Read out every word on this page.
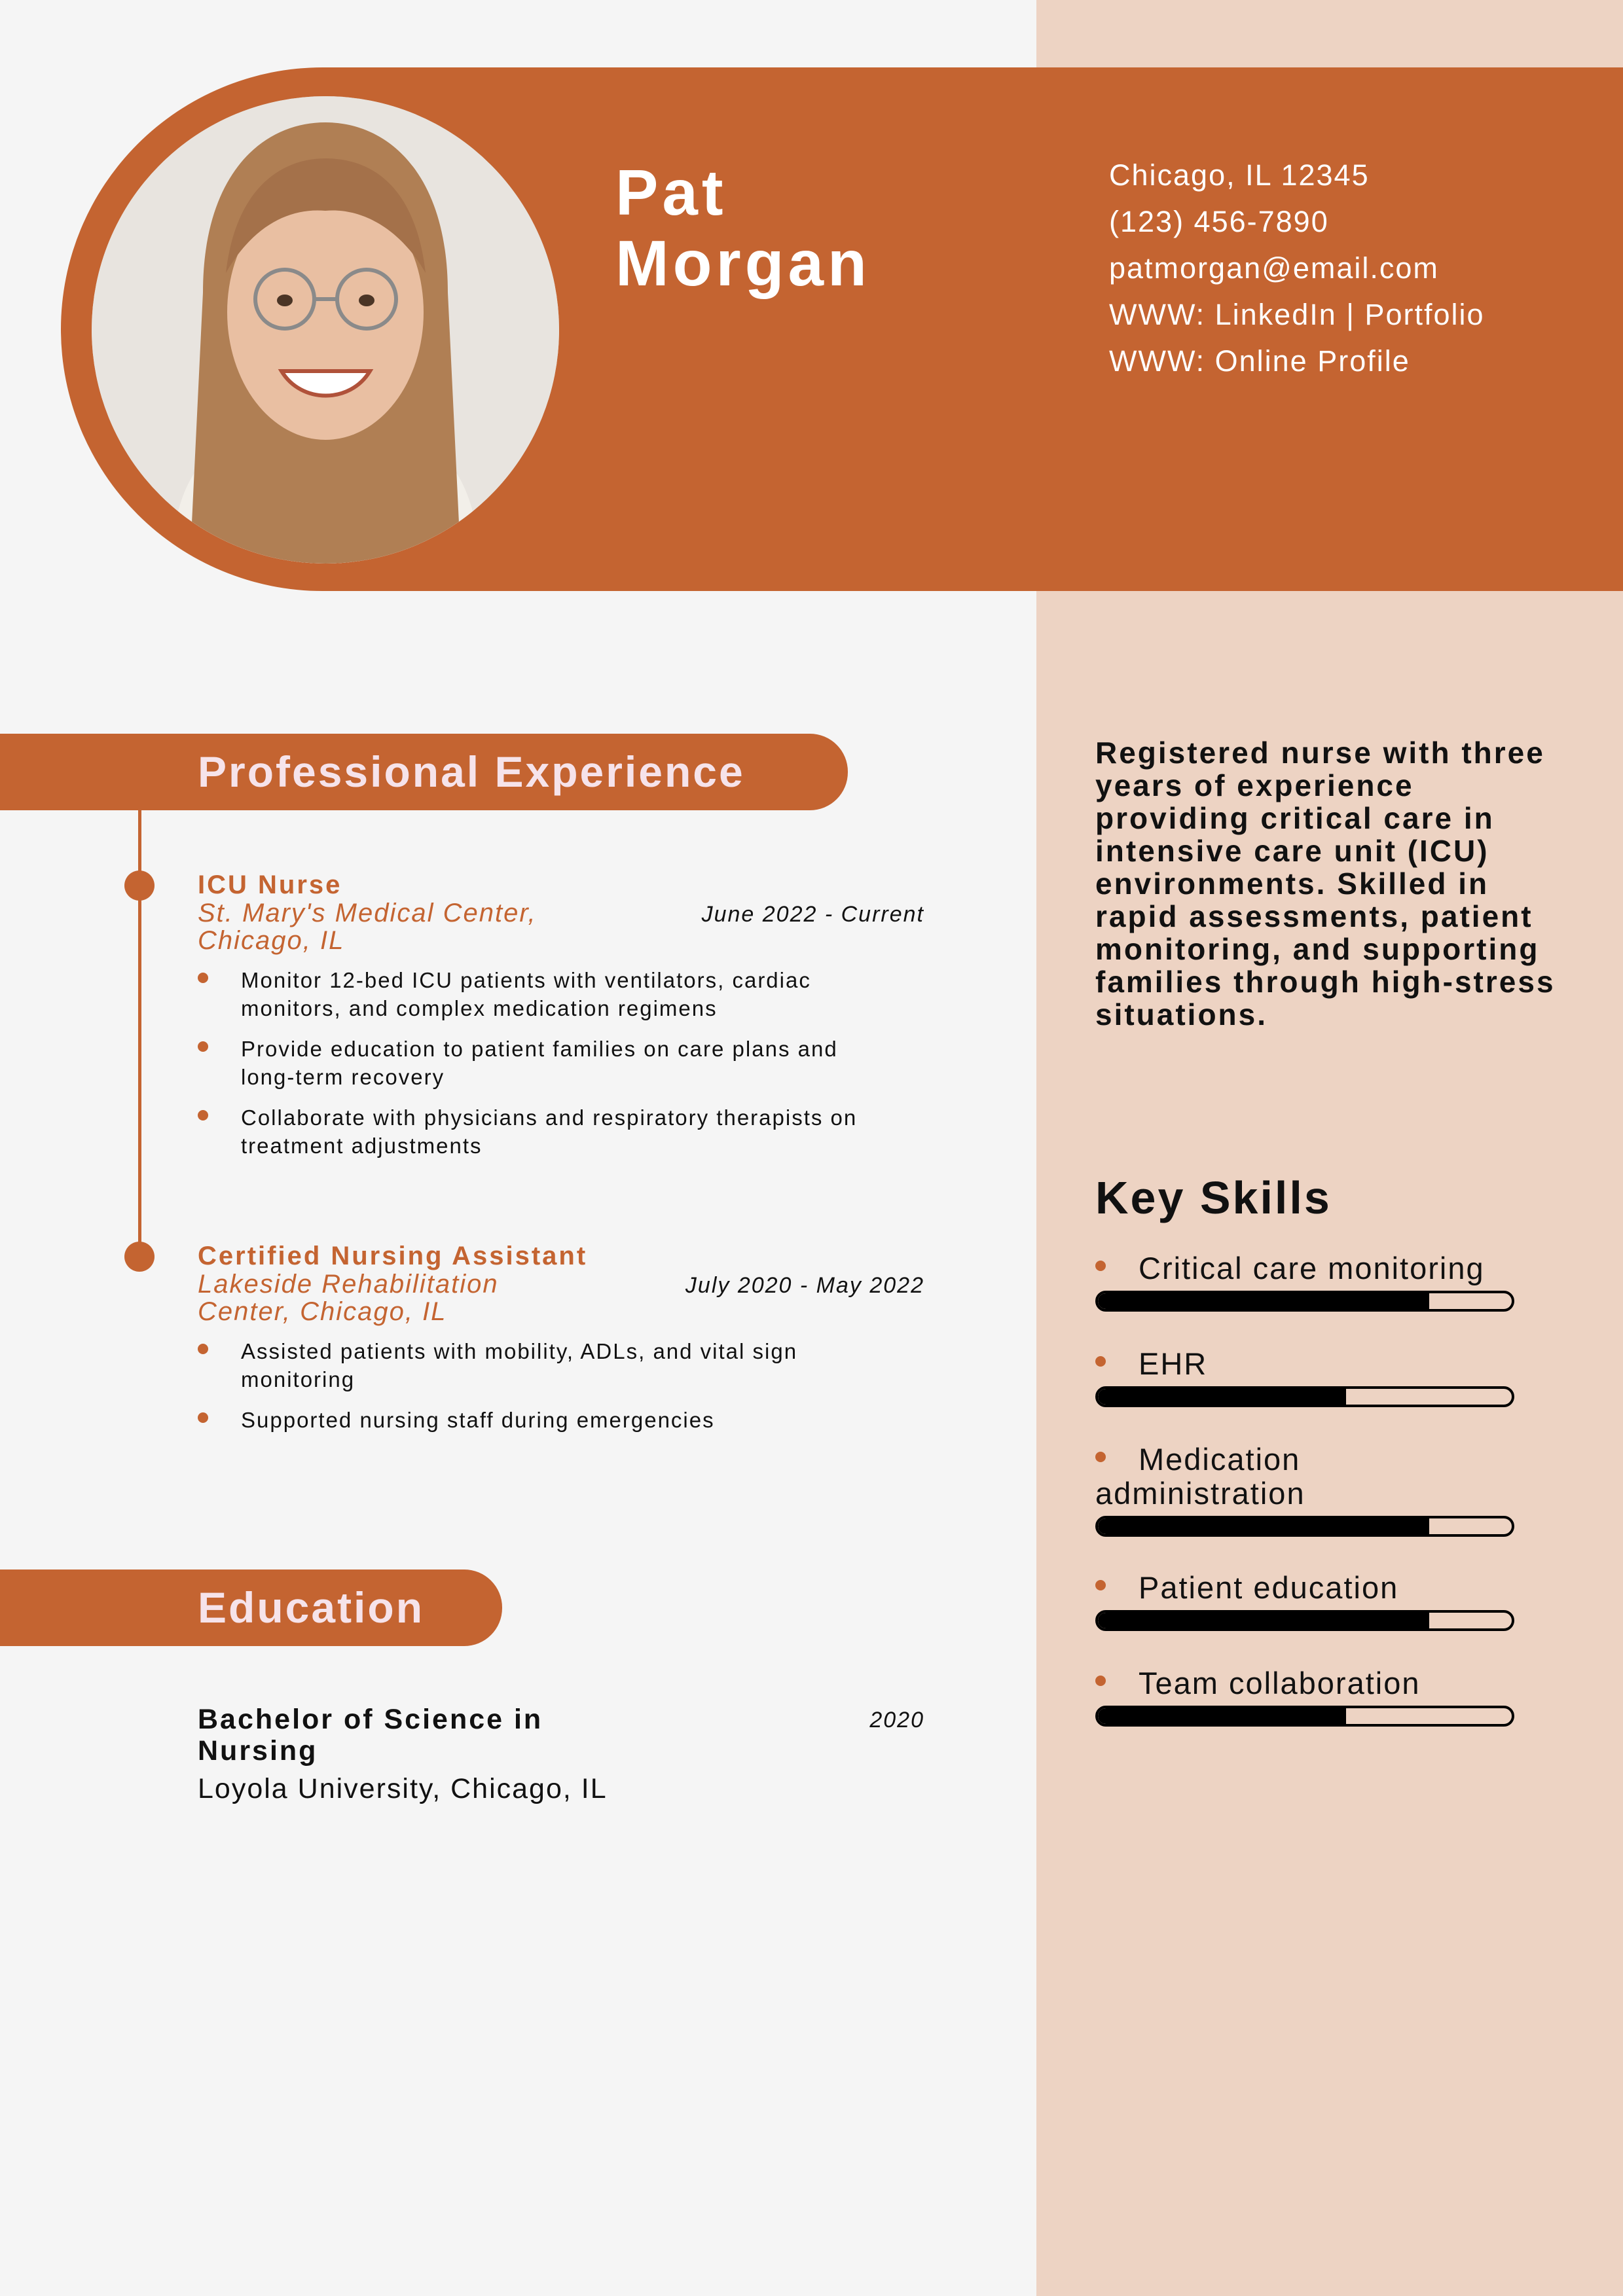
Pat
Morgan
Chicago, IL 12345
(123) 456-7890
patmorgan@email.com
WWW: LinkedIn | Portfolio
WWW: Online Profile
Professional Experience
ICU Nurse
St. Mary's Medical Center, Chicago, IL
June 2022 - Current
Monitor 12-bed ICU patients with ventilators, cardiac monitors, and complex medication regimens
Provide education to patient families on care plans and long-term recovery
Collaborate with physicians and respiratory therapists on treatment adjustments
Certified Nursing Assistant
Lakeside Rehabilitation Center, Chicago, IL
July 2020 - May 2022
Assisted patients with mobility, ADLs, and vital sign monitoring
Supported nursing staff during emergencies
Education
Bachelor of Science in Nursing
2020
Loyola University, Chicago, IL
Registered nurse with three years of experience providing critical care in intensive care unit (ICU) environments. Skilled in rapid assessments, patient monitoring, and supporting families through high-stress situations.
Key Skills
Critical care monitoring
EHR
Medication administration
Patient education
Team collaboration
